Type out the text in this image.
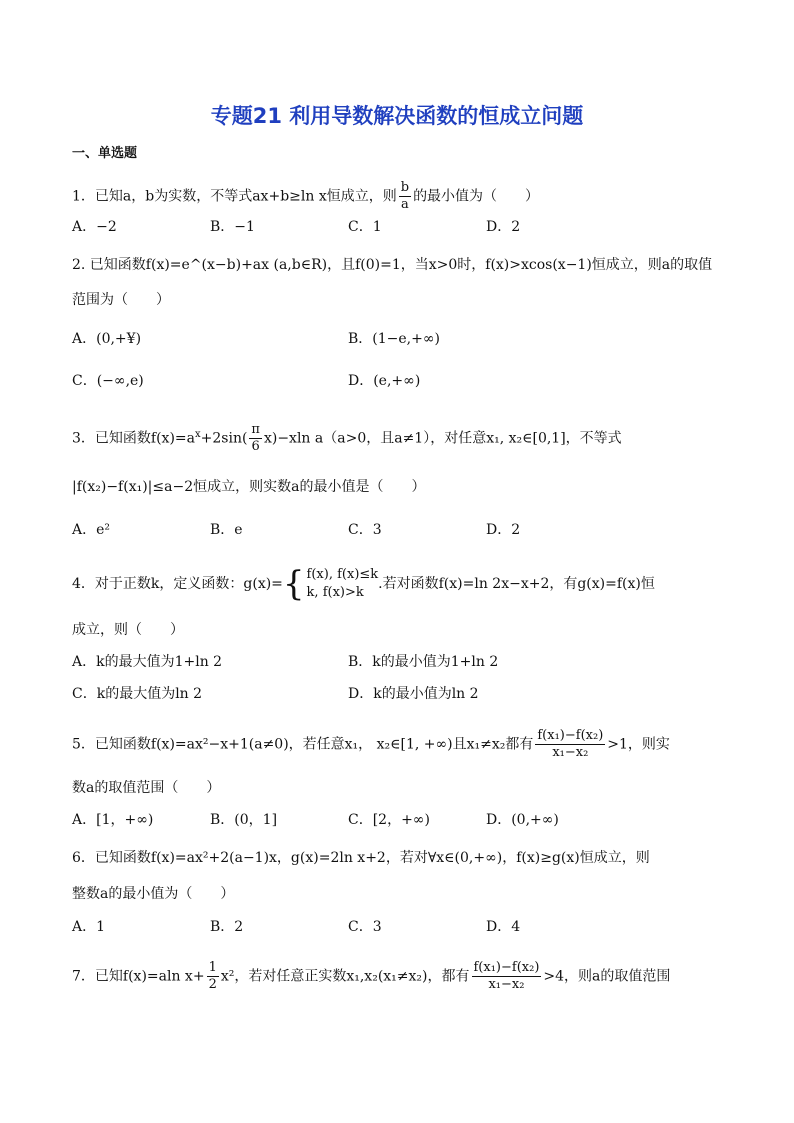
专题21 利用导数解决函数的恒成立问题
一、单选题
1．已知a，b为实数，不等式ax+b≥ln x恒成立，则 $\frac{b}{a}$ 的最小值为（　　）
A．−2	B．−1	C．1	D．2
2. 已知函数f(x)=e^(x−b)+ax (a,b∈R)，且f(0)=1，当x>0时，f(x)>xcos(x−1)恒成立，则a的取值
范围为（　　）
A．(0,+¥)	B．(1−e,+∞)
C．(−∞,e)	D．(e,+∞)
3．已知函数$f(x)=a^x+2\sin( \frac{\pi}{6} x)-xln$ a（a>0，且a≠1），对任意x₁, x₂∈[0,1]，不等式
|f(x₂)−f(x₁)|≤a−2恒成立，则实数a的最小值是（　　）
A．e²	B．e	C．3	D．2
4．对于正数k，定义函数：g(x)= { f(x), f(x)≤k
k, f(x)>k
.若对函数f(x)=ln 2x−x+2，有g(x)=f(x)恒
成立，则（　　）
A．k的最大值为1+ln 2	B．k的最小值为1+ln 2
C．k的最大值为ln 2	D．k的最小值为ln 2
5．已知函数f(x)=ax²−x+1(a≠0)，若任意x₁， x₂∈[1, +∞)且x₁≠x₂都有 $\frac{\text{f(x₁)−f(x₂)}}{\text{x₁−x₂}} >1$，则实
数a的取值范围（　　）
A．[1，+∞)	B．(0，1]	C．[2，+∞)	D．(0,+∞)
6．已知函数f(x)=ax²+2(a−1)x，g(x)=2ln x+2，若对∀x∈(0,+∞)，f(x)≥g(x)恒成立，则
整数a的最小值为（　　）
A．1	B．2	C．3	D．4
7．已知f(x)=aln $x+ \frac{1}{2} x^2$，若对任意正实数x₁,x₂(x₁≠x₂)，都有 $\frac{\text{f(x₁)−f(x₂)}}{\text{x₁−x₂}} >4$，则a的取值范围
